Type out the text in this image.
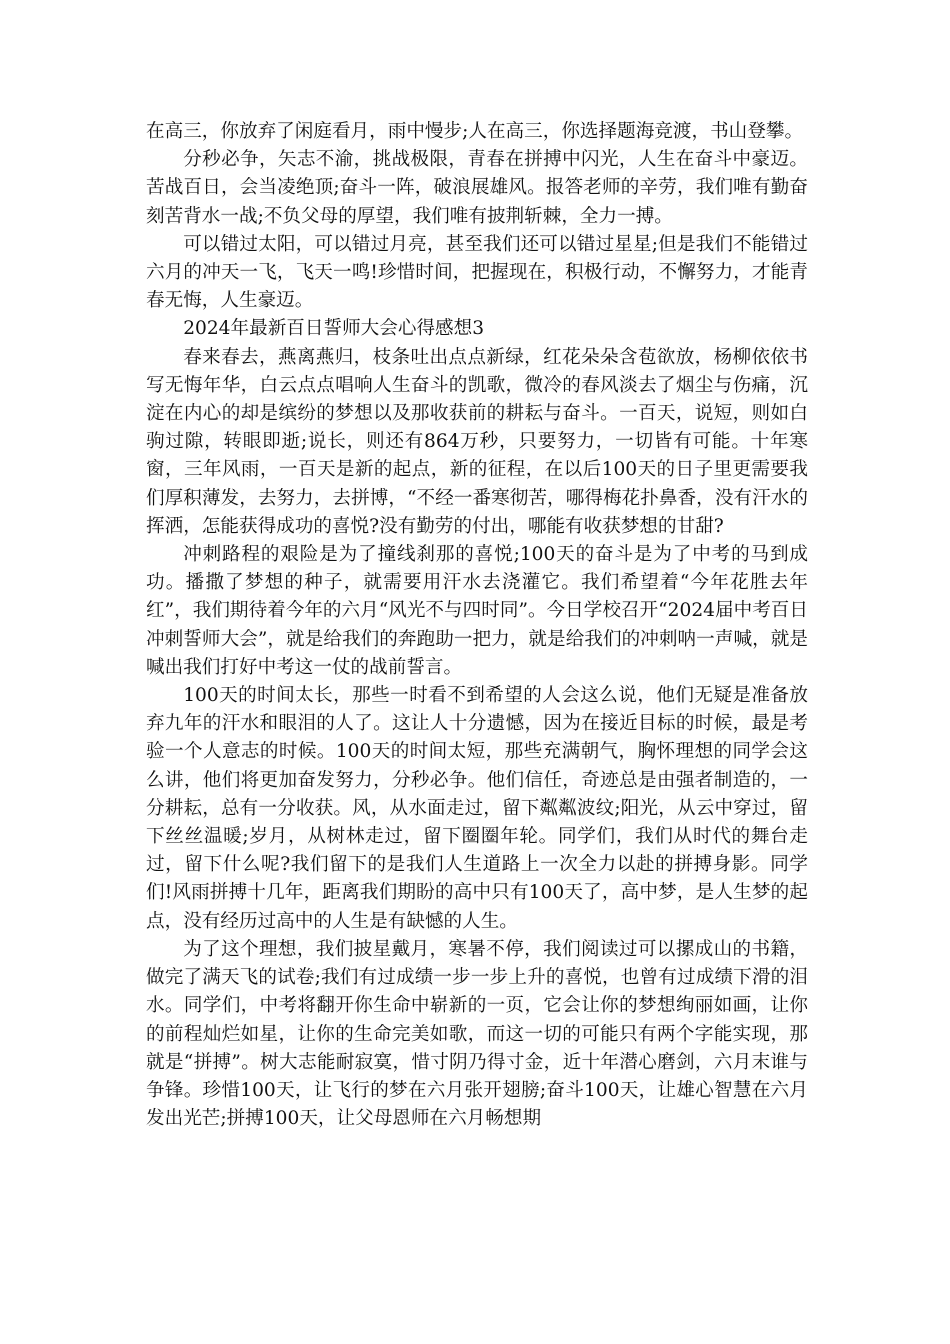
在高三，你放弃了闲庭看月，雨中慢步;人在高三，你选择题海竞渡，书山登攀。

分秒必争，矢志不渝，挑战极限，青春在拼搏中闪光，人生在奋斗中豪迈。苦战百日，会当凌绝顶;奋斗一阵，破浪展雄风。报答老师的辛劳，我们唯有勤奋刻苦背水一战;不负父母的厚望，我们唯有披荆斩棘，全力一搏。

可以错过太阳，可以错过月亮，甚至我们还可以错过星星;但是我们不能错过六月的冲天一飞，飞天一鸣!珍惜时间，把握现在，积极行动，不懈努力，才能青春无悔，人生豪迈。

2024年最新百日誓师大会心得感想3

春来春去，燕离燕归，枝条吐出点点新绿，红花朵朵含苞欲放，杨柳依依书写无悔年华，白云点点唱响人生奋斗的凯歌，微冷的春风淡去了烟尘与伤痛，沉淀在内心的却是缤纷的梦想以及那收获前的耕耘与奋斗。一百天，说短，则如白驹过隙，转眼即逝;说长，则还有864万秒，只要努力，一切皆有可能。十年寒窗，三年风雨，一百天是新的起点，新的征程，在以后100天的日子里更需要我们厚积薄发，去努力，去拼博，“不经一番寒彻苦，哪得梅花扑鼻香，没有汗水的挥洒，怎能获得成功的喜悦?没有勤劳的付出，哪能有收获梦想的甘甜?

冲刺路程的艰险是为了撞线刹那的喜悦;100天的奋斗是为了中考的马到成功。播撒了梦想的种子，就需要用汗水去浇灌它。我们希望着“今年花胜去年红”，我们期待着今年的六月“风光不与四时同”。今日学校召开“2024届中考百日冲刺誓师大会”，就是给我们的奔跑助一把力，就是给我们的冲刺呐一声喊，就是喊出我们打好中考这一仗的战前誓言。

100天的时间太长，那些一时看不到希望的人会这么说，他们无疑是准备放弃九年的汗水和眼泪的人了。这让人十分遗憾，因为在接近目标的时候，最是考验一个人意志的时候。100天的时间太短，那些充满朝气，胸怀理想的同学会这么讲，他们将更加奋发努力，分秒必争。他们信任，奇迹总是由强者制造的，一分耕耘，总有一分收获。风，从水面走过，留下粼粼波纹;阳光，从云中穿过，留下丝丝温暖;岁月，从树林走过，留下圈圈年轮。同学们，我们从时代的舞台走过，留下什么呢?我们留下的是我们人生道路上一次全力以赴的拼搏身影。同学们!风雨拼搏十几年，距离我们期盼的高中只有100天了，高中梦，是人生梦的起点，没有经历过高中的人生是有缺憾的人生。

为了这个理想，我们披星戴月，寒暑不停，我们阅读过可以摞成山的书籍，做完了满天飞的试卷;我们有过成绩一步一步上升的喜悦，也曾有过成绩下滑的泪水。同学们，中考将翻开你生命中崭新的一页，它会让你的梦想绚丽如画，让你的前程灿烂如星，让你的生命完美如歌，而这一切的可能只有两个字能实现，那就是“拼搏”。树大志能耐寂寞，惜寸阴乃得寸金，近十年潜心磨剑，六月末谁与争锋。珍惜100天，让飞行的梦在六月张开翅膀;奋斗100天，让雄心智慧在六月发出光芒;拼搏100天，让父母恩师在六月畅想期
